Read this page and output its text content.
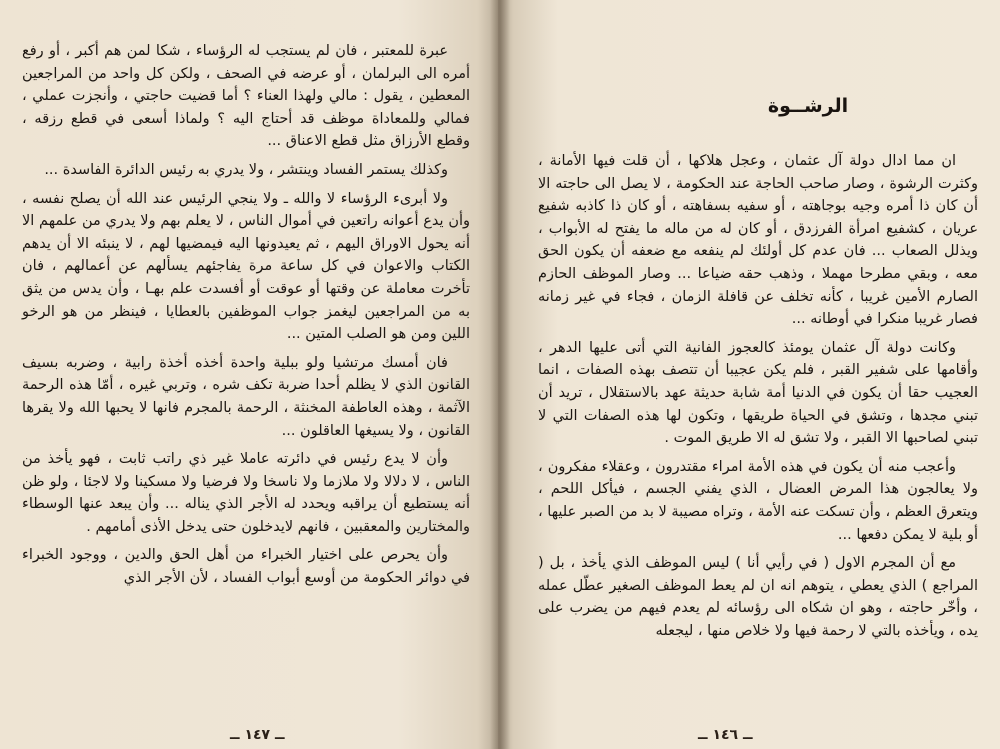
عبرة للمعتبر ، فان لم يستجب له الرؤساء ، شكا لمن هم أكبر ، أو رفع أمره الى البرلمان ، أو عرضه في الصحف ، ولكن كل واحد من المراجعين المعطين ، يقول : مالي ولهذا العناء ؟ أما قضيت حاجتي ، وأنجزت عملي ، فمالي وللمعاداة موظف قد أحتاج اليه ؟ ولماذا أسعى في قطع رزقه ، وقطع الأرزاق مثل قطع الاعناق ...

وكذلك يستمر الفساد وينتشر ، ولا يدري به رئيس الدائرة الفاسدة ...

ولا أبرىء الرؤساء لا والله ـ ولا ينجي الرئيس عند الله أن يصلح نفسه ، وأن يدع أعوانه راتعين في أموال الناس ، لا يعلم بهم ولا يدري من علمهم الا أنه يحول الاوراق اليهم ، ثم يعيدونها اليه فيمضيها لهم ، لا ينبئه الا أن يدهم الكتاب والاعوان في كل ساعة مرة يفاجئهم يسألهم عن أعمالهم ، فان تأخرت معاملة عن وقتها أو عوقت أو أفسدت علم بهـا ، وأن يدس من يثق به من المراجعين ليغمز جواب الموظفين بالعطايا ، فينظر من هو الرخو اللين ومن هو الصلب المتين ...

فان أمسك مرتشيا ولو ببلية واحدة أخذه أخذة رابية ، وضربه بسيف القانون الذي لا يظلم أحدا ضربة تكف شره ، وتربي غيره ، أمّا هذه الرحمة الآثمة ، وهذه العاطفة المخنثة ، الرحمة بالمجرم فانها لا يحبها الله ولا يقرها القانون ، ولا يسيغها العاقلون ...

وأن لا يدع رئيس في دائرته عاملا غير ذي راتب ثابت ، فهو يأخذ من الناس ، لا دلالا ولا ملازما ولا ناسخا ولا فرضيا ولا مسكينا ولا لاجئا ، ولو ظن أنه يستطيع أن يراقبه ويحدد له الأجر الذي يناله ... وأن يبعد عنها الوسطاء والمختارين والمعقبين ، فانهم لايدخلون حتى يدخل الأذى أمامهم .

وأن يحرص على اختيار الخبراء من أهل الحق والدين ، ووجود الخبراء في دوائر الحكومة من أوسع أبواب الفساد ، لأن الأجر الذي

ــ ١٤٧ ــ
الرشــوة

ان مما ادال دولة آل عثمان ، وعجل هلاكها ، أن قلت فيها الأمانة ، وكثرت الرشوة ، وصار صاحب الحاجة عند الحكومة ، لا يصل الى حاجته الا أن كان ذا أمره وجيه بوجاهته ، أو سفيه بسفاهته ، أو كان ذا كاذبه شفيع عريان ، كشفيع امرأة الفرزدق ، أو كان له من ماله ما يفتح له الأبواب ، ويذلل الصعاب ... فان عدم كل أولئك لم ينفعه مع ضعفه أن يكون الحق معه ، وبقي مطرحا مهملا ، وذهب حقه ضياعا ... وصار الموظف الحازم الصارم الأمين غريبا ، كأنه تخلف عن قافلة الزمان ، فجاء في غير زمانه فصار غريبا منكرا في أوطانه ...

وكانت دولة آل عثمان يومئذ كالعجوز الفانية التي أتى عليها الدهر ، وأقامها على شفير القبر ، فلم يكن عجيبا أن تتصف بهذه الصفات ، انما العجيب حقا أن يكون في الدنيا أمة شابة حديثة عهد بالاستقلال ، تريد أن تبني مجدها ، وتشق في الحياة طريقها ، وتكون لها هذه الصفات التي لا تبني لصاحبها الا القبر ، ولا تشق له الا طريق الموت .

وأعجب منه أن يكون في هذه الأمة امراء مقتدرون ، وعقلاء مفكرون ، ولا يعالجون هذا المرض العضال ، الذي يفني الجسم ، فيأكل اللحم ، ويتعرق العظم ، وأن تسكت عنه الأمة ، وتراه مصيبة لا بد من الصبر عليها ، أو بلية لا يمكن دفعها ...

مع أن المجرم الاول ( في رأيي أنا ) ليس الموظف الذي يأخذ ، بل ( المراجع ) الذي يعطي ، يتوهم انه ان لم يعط الموظف الصغير عطّل عمله ، وأخّر حاجته ، وهو ان شكاه الى رؤسائه لم يعدم فيهم من يضرب على يده ، ويأخذه بالتي لا رحمة فيها ولا خلاص منها ، ليجعله

ــ ١٤٦ ــ
